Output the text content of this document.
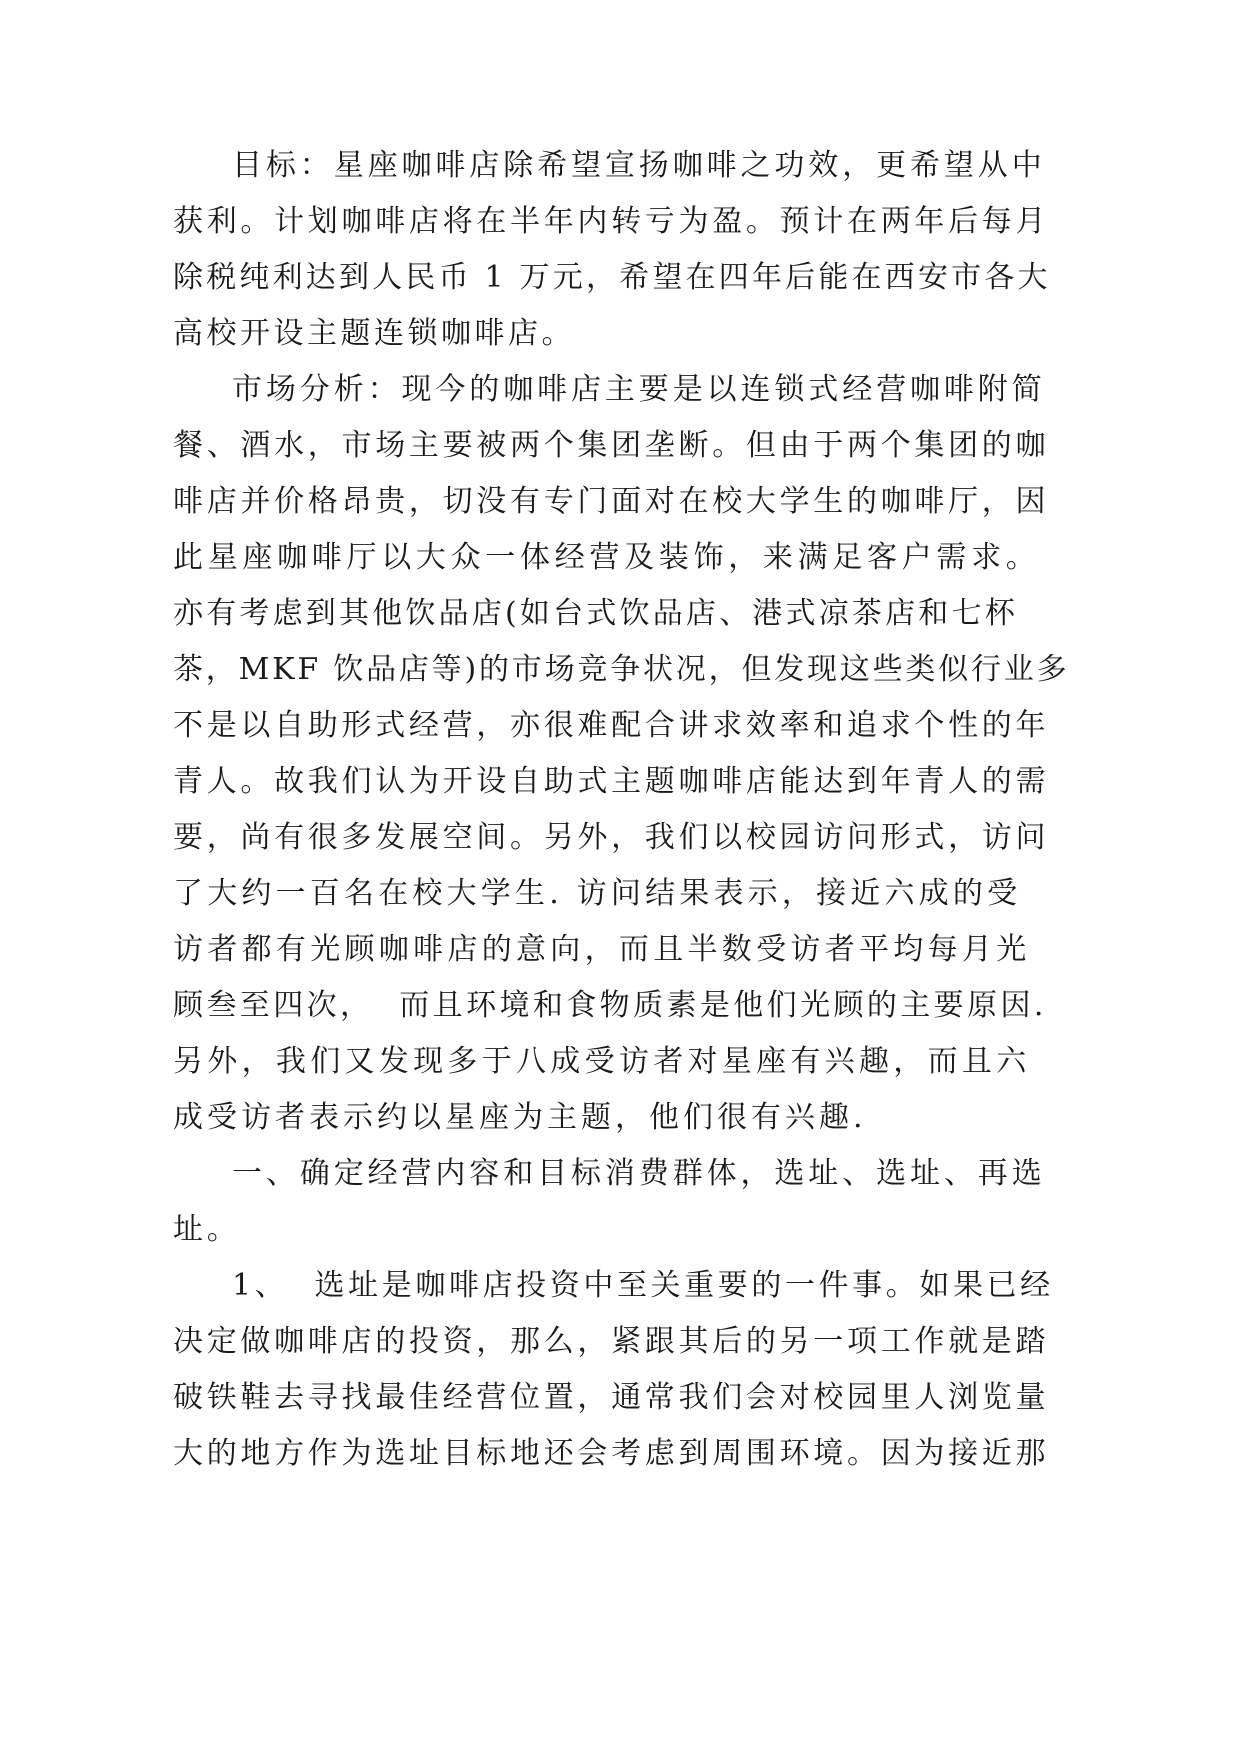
目标：星座咖啡店除希望宣扬咖啡之功效，更希望从中
获利。计划咖啡店将在半年内转亏为盈。预计在两年后每月
除税纯利达到人民币 1 万元，希望在四年后能在西安市各大
高校开设主题连锁咖啡店。
市场分析：现今的咖啡店主要是以连锁式经营咖啡附简
餐、酒水，市场主要被两个集团垄断。但由于两个集团的咖
啡店并价格昂贵，切没有专门面对在校大学生的咖啡厅，因
此星座咖啡厅以大众一体经营及装饰，来满足客户需求。
亦有考虑到其他饮品店(如台式饮品店、港式凉茶店和七杯
茶，MKF 饮品店等)的市场竞争状况，但发现这些类似行业多
不是以自助形式经营，亦很难配合讲求效率和追求个性的年
青人。故我们认为开设自助式主题咖啡店能达到年青人的需
要，尚有很多发展空间。另外，我们以校园访问形式，访问
了大约一百名在校大学生. 访问结果表示，接近六成的受
访者都有光顾咖啡店的意向，而且半数受访者平均每月光
顾叁至四次，  而且环境和食物质素是他们光顾的主要原因.
另外，我们又发现多于八成受访者对星座有兴趣，而且六
成受访者表示约以星座为主题，他们很有兴趣.
一、确定经营内容和目标消费群体，选址、选址、再选
址。
1、  选址是咖啡店投资中至关重要的一件事。如果已经
决定做咖啡店的投资，那么，紧跟其后的另一项工作就是踏
破铁鞋去寻找最佳经营位置，通常我们会对校园里人浏览量
大的地方作为选址目标地还会考虑到周围环境。因为接近那
